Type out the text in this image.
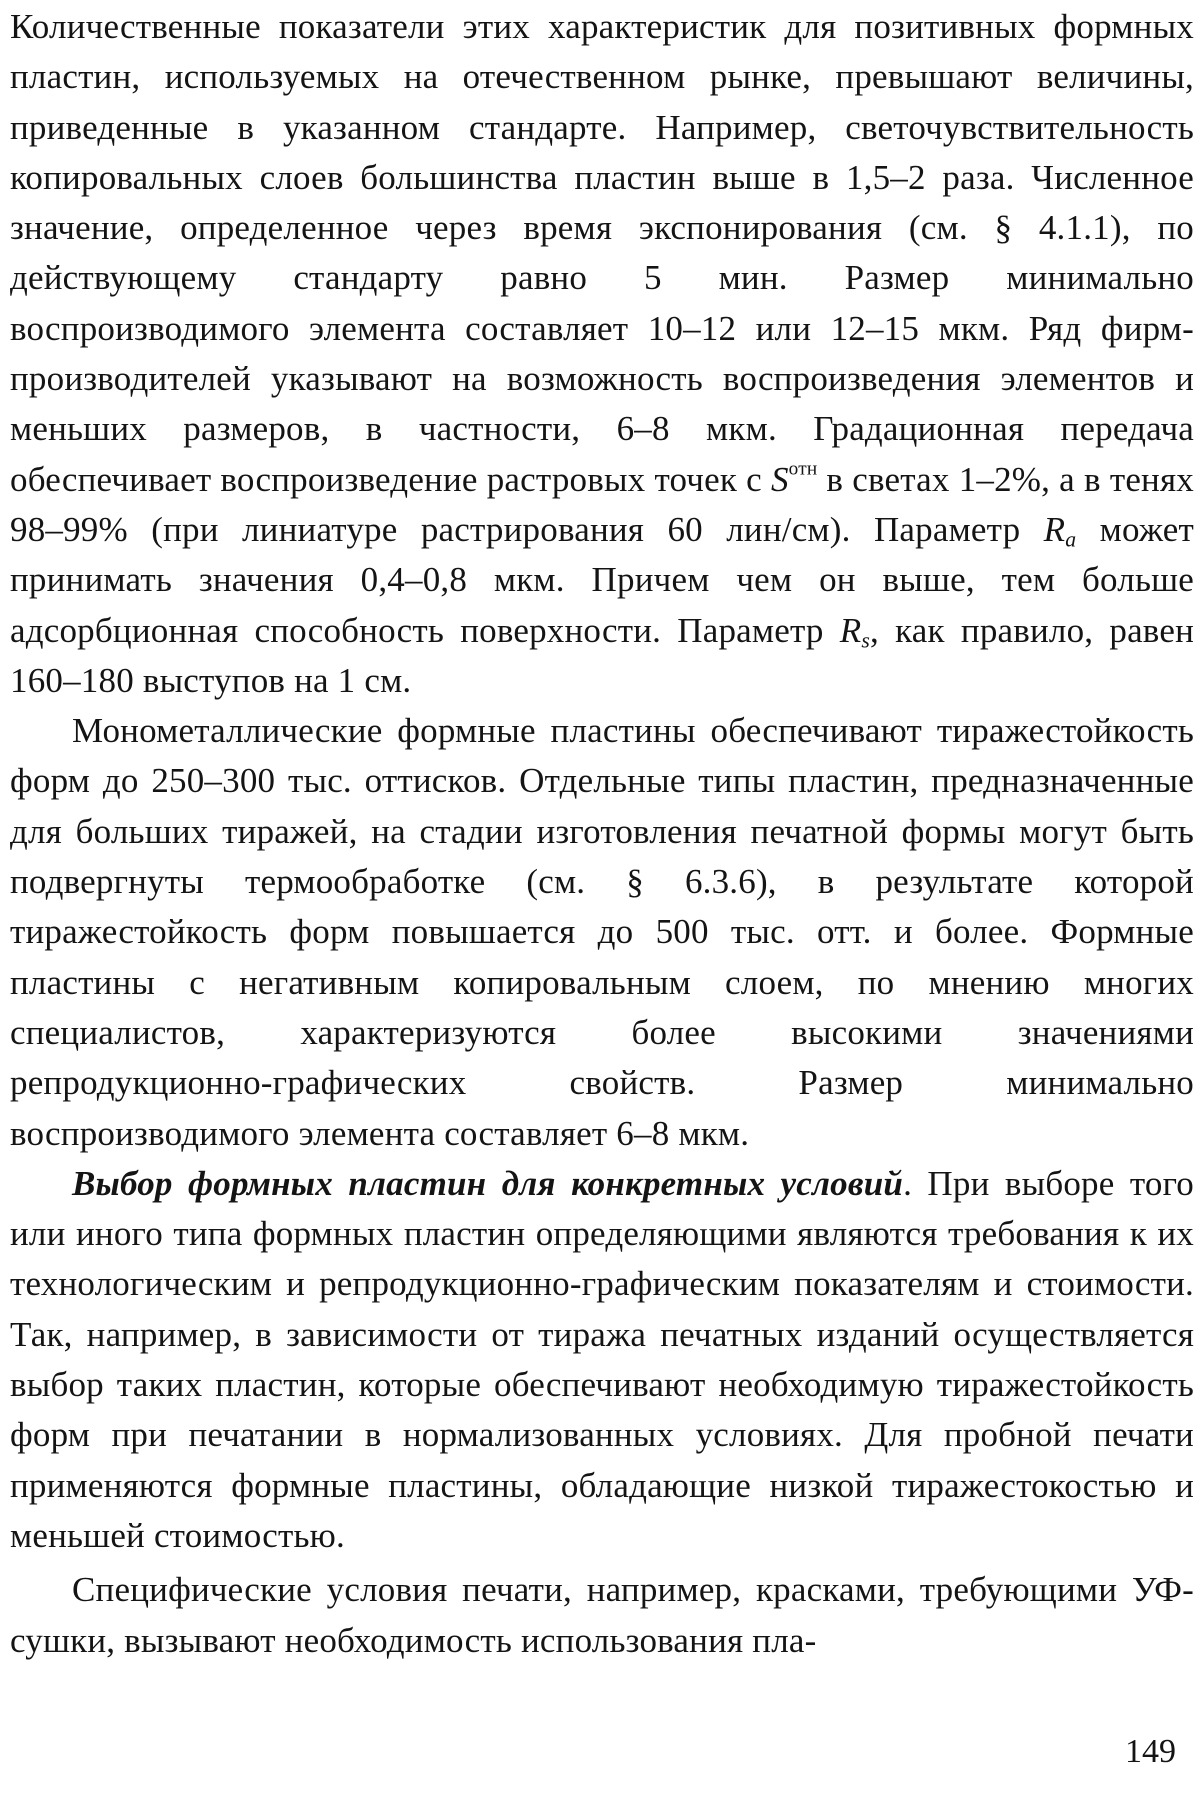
Количественные показатели этих характеристик для позитивных формных пластин, используемых на отечественном рынке, превышают величины, приведенные в указанном стандарте. Например, светочувствительность копировальных слоев большинства пластин выше в 1,5–2 раза. Численное значение, определенное через время экспонирования (см. § 4.1.1), по действующему стандарту равно 5 мин. Размер минимально воспроизводимого элемента составляет 10–12 или 12–15 мкм. Ряд фирм-производителей указывают на возможность воспроизведения элементов и меньших размеров, в частности, 6–8 мкм. Градационная передача обеспечивает воспроизведение растровых точек с $S^{отн}$ в светах 1–2%, а в тенях 98–99% (при линиатуре растрирования 60 лин/см). Параметр $R_a$ может принимать значения 0,4–0,8 мкм. Причем чем он выше, тем больше адсорбционная способность поверхности. Параметр $R_s$, как правило, равен 160–180 выступов на 1 см.

Монометаллические формные пластины обеспечивают тиражестойкость форм до 250–300 тыс. оттисков. Отдельные типы пластин, предназначенные для больших тиражей, на стадии изготовления печатной формы могут быть подвергнуты термообработке (см. § 6.3.6), в результате которой тиражестойкость форм повышается до 500 тыс. отт. и более. Формные пластины с негативным копировальным слоем, по мнению многих специалистов, характеризуются более высокими значениями репродукционно-графических свойств. Размер минимально воспроизводимого элемента составляет 6–8 мкм.

Выбор формных пластин для конкретных условий. При выборе того или иного типа формных пластин определяющими являются требования к их технологическим и репродукционно-графическим показателям и стоимости. Так, например, в зависимости от тиража печатных изданий осуществляется выбор таких пластин, которые обеспечивают необходимую тиражестойкость форм при печатании в нормализованных условиях. Для пробной печати применяются формные пластины, обладающие низкой тиражестокостью и меньшей стоимостью.

Специфические условия печати, например, красками, требующими УФ-сушки, вызывают необходимость использования пла-

149
